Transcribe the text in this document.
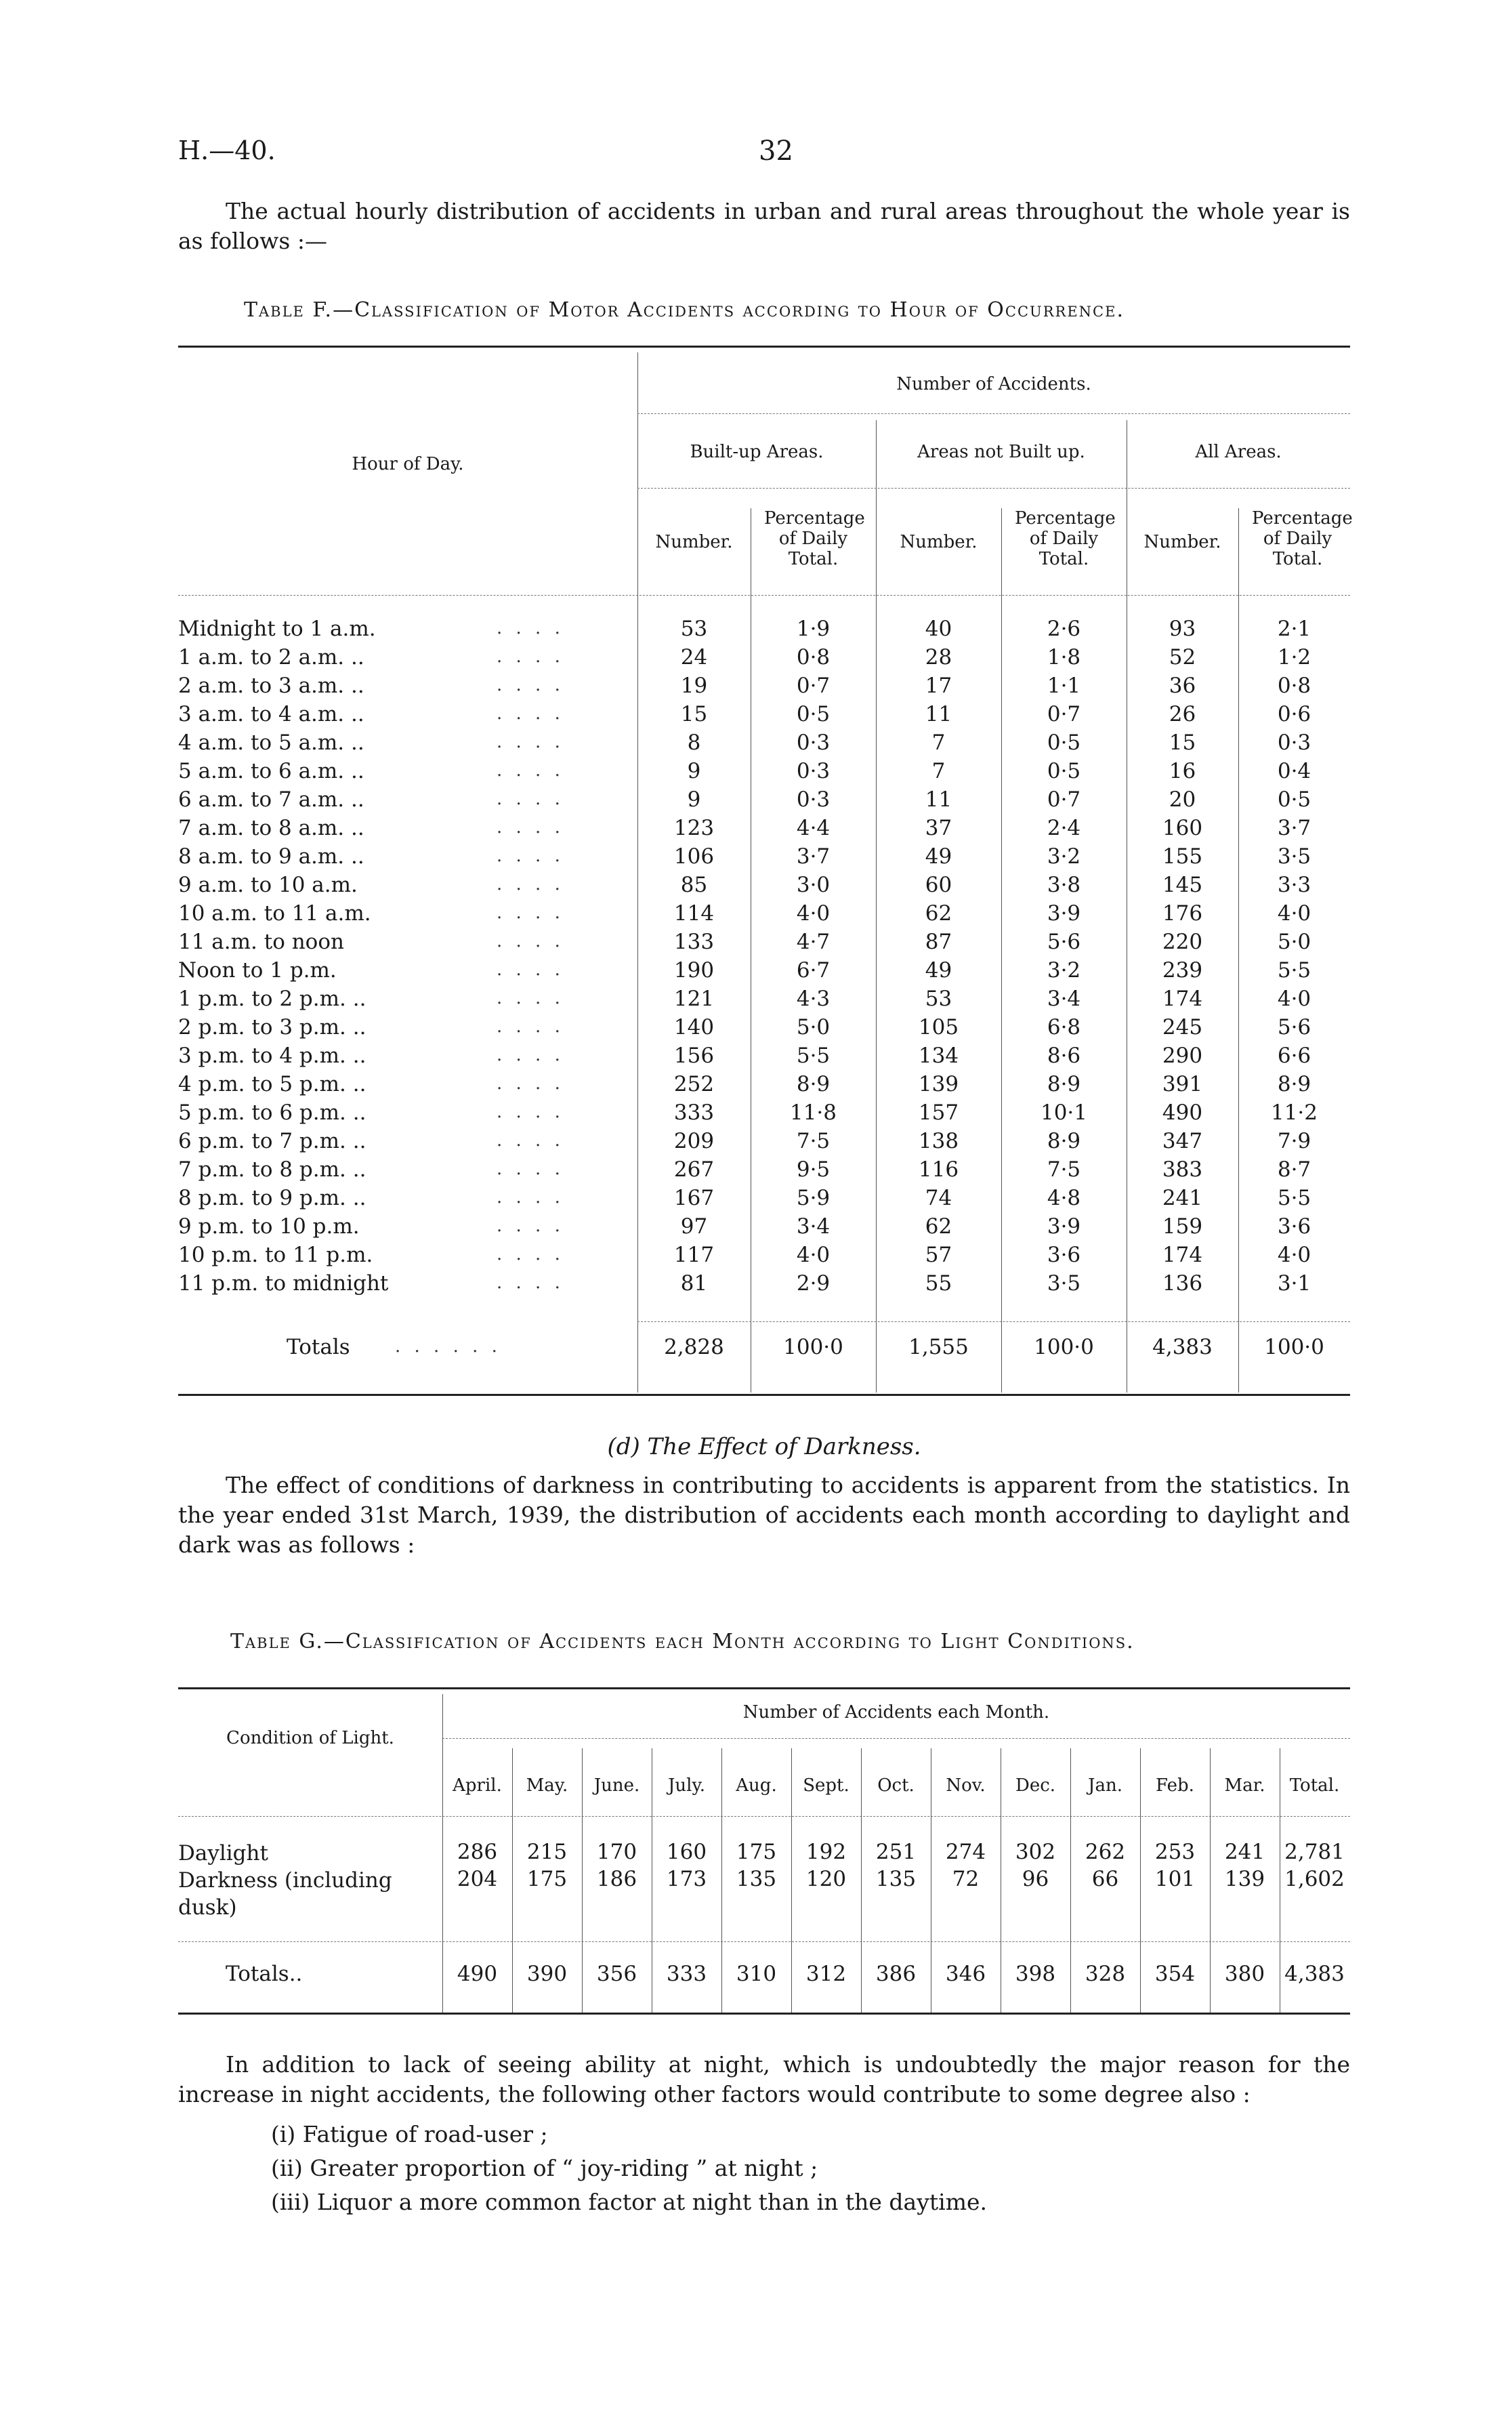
H.—40.	32
The actual hourly distribution of accidents in urban and rural areas throughout the whole year is as follows :—
Table F.—Classification of Motor Accidents according to Hour of Occurrence.
Hour of Day.
Number of Accidents.
Built-up Areas.	Areas not Built up.	All Areas.
Number.
Percentage of Daily Total.
Number.
Percentage of Daily Total.
Number.
Percentage of Daily Total.
Midnight to 1 a.m.	. . . .	53	1·9	40	2·6	93	2·1
1 a.m. to 2 a.m. ..	. . . .	24	0·8	28	1·8	52	1·2
2 a.m. to 3 a.m. ..	. . . .	19	0·7	17	1·1	36	0·8
3 a.m. to 4 a.m. ..	. . . .	15	0·5	11	0·7	26	0·6
4 a.m. to 5 a.m. ..	. . . .	8	0·3	7	0·5	15	0·3
5 a.m. to 6 a.m. ..	. . . .	9	0·3	7	0·5	16	0·4
6 a.m. to 7 a.m. ..	. . . .	9	0·3	11	0·7	20	0·5
7 a.m. to 8 a.m. ..	. . . .	123	4·4	37	2·4	160	3·7
8 a.m. to 9 a.m. ..	. . . .	106	3·7	49	3·2	155	3·5
9 a.m. to 10 a.m.	. . . .	85	3·0	60	3·8	145	3·3
10 a.m. to 11 a.m.	. . . .	114	4·0	62	3·9	176	4·0
11 a.m. to noon	. . . .	133	4·7	87	5·6	220	5·0
Noon to 1 p.m.	. . . .	190	6·7	49	3·2	239	5·5
1 p.m. to 2 p.m. ..	. . . .	121	4·3	53	3·4	174	4·0
2 p.m. to 3 p.m. ..	. . . .	140	5·0	105	6·8	245	5·6
3 p.m. to 4 p.m. ..	. . . .	156	5·5	134	8·6	290	6·6
4 p.m. to 5 p.m. ..	. . . .	252	8·9	139	8·9	391	8·9
5 p.m. to 6 p.m. ..	. . . .	333	11·8	157	10·1	490	11·2
6 p.m. to 7 p.m. ..	. . . .	209	7·5	138	8·9	347	7·9
7 p.m. to 8 p.m. ..	. . . .	267	9·5	116	7·5	383	8·7
8 p.m. to 9 p.m. ..	. . . .	167	5·9	74	4·8	241	5·5
9 p.m. to 10 p.m.	. . . .	97	3·4	62	3·9	159	3·6
10 p.m. to 11 p.m.	. . . .	117	4·0	57	3·6	174	4·0
11 p.m. to midnight	. . . .	81	2·9	55	3·5	136	3·1
Totals	. . . . . .	2,828	100·0	1,555	100·0	4,383	100·0
(d) The Effect of Darkness.
The effect of conditions of darkness in contributing to accidents is apparent from the statistics. In the year ended 31st March, 1939, the distribution of accidents each month according to daylight and dark was as follows :
Table G.—Classification of Accidents each Month according to Light Conditions.
Condition of Light.
Number of Accidents each Month.
April.	May.	June.	July.	Aug.	Sept.	Oct.	Nov.	Dec.	Jan.	Feb.	Mar.	Total.
Daylight	286	215	170	160	175	192	251	274	302	262	253	241 2,781
Darkness (including dusk)
204	175	186	173	135	120	135	72	96	66	101	139 1,602
Totals..	490	390	356	333	310	312	386	346	398	328	354	380 4,383
In addition to lack of seeing ability at night, which is undoubtedly the major reason for the increase in night accidents, the following other factors would contribute to some degree also :
(i) Fatigue of road-user ;
(ii) Greater proportion of “ joy-riding ” at night ;
(iii) Liquor a more common factor at night than in the daytime.
